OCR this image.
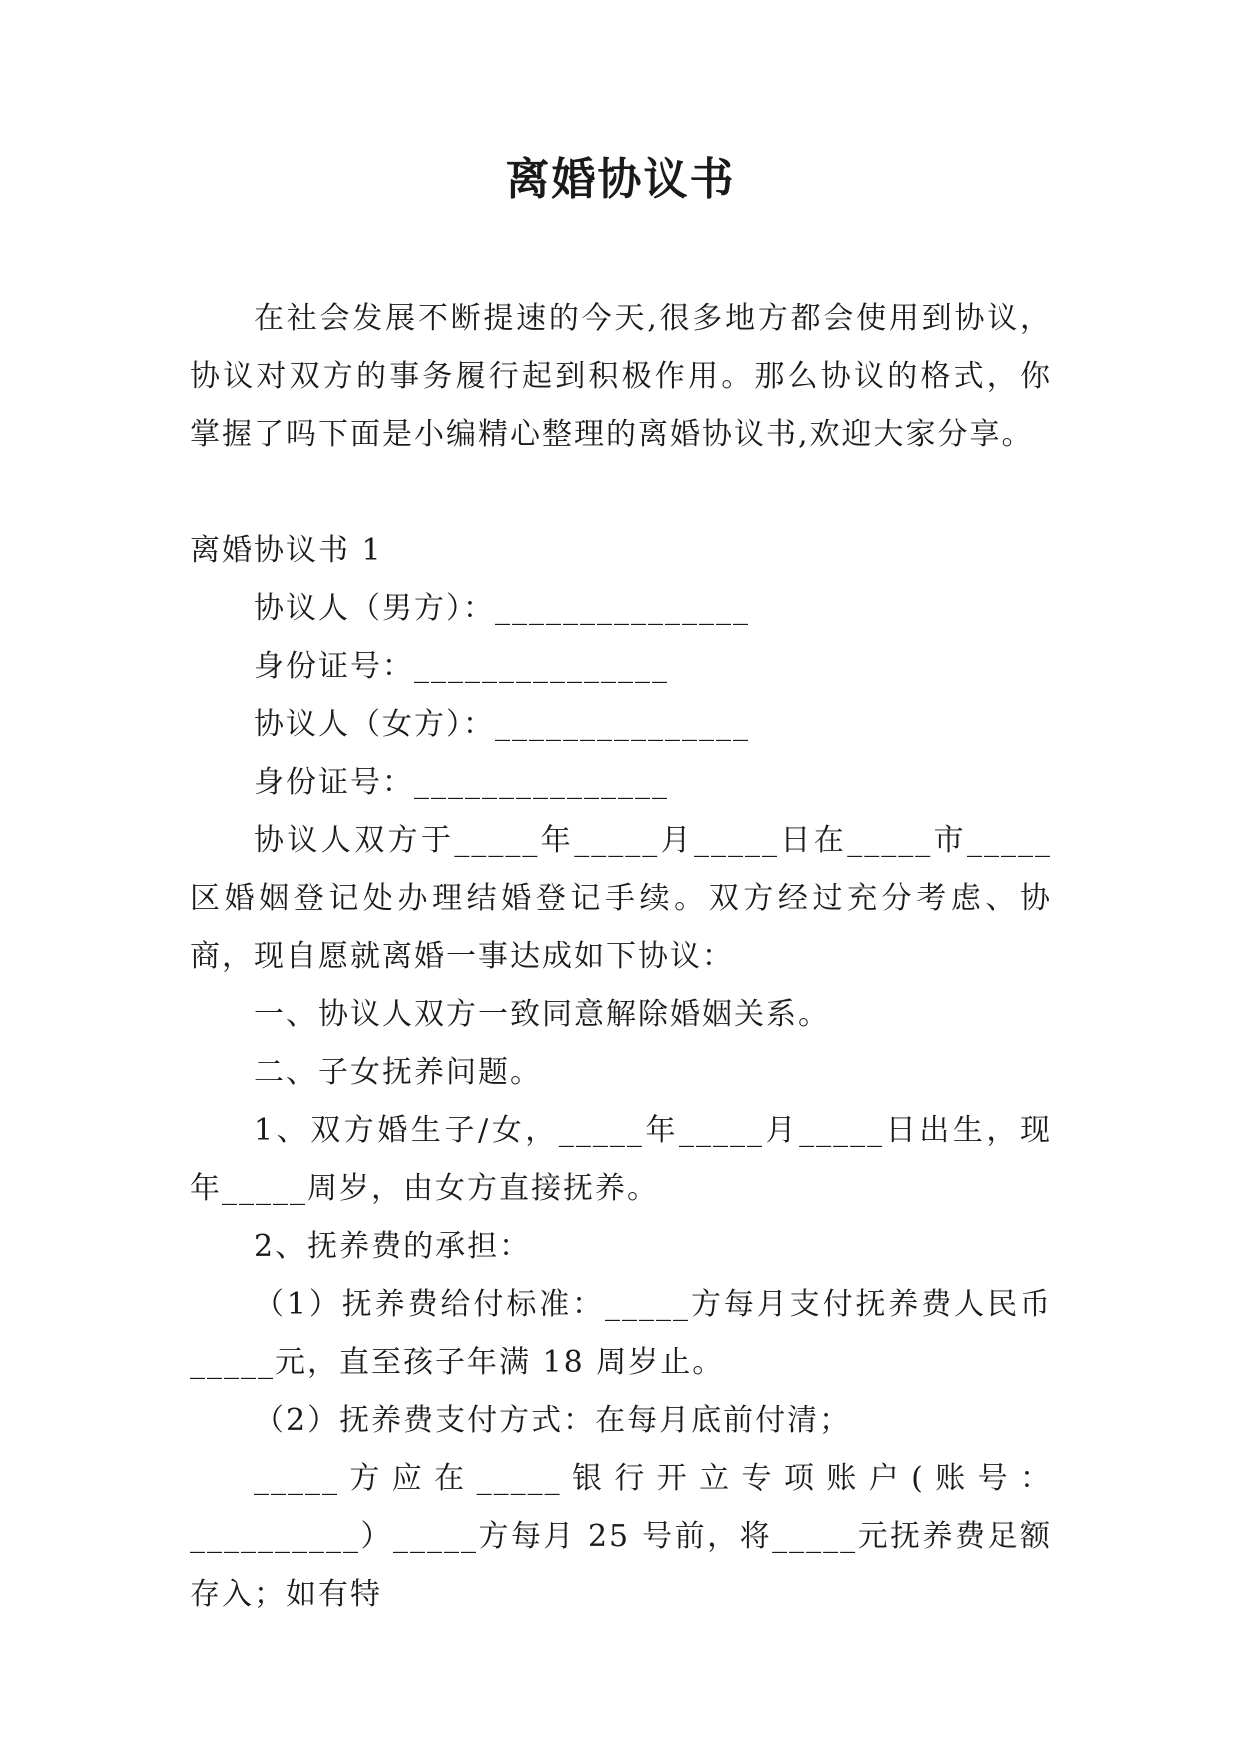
离婚协议书

在社会发展不断提速的今天,很多地方都会使用到协议，协议对双方的事务履行起到积极作用。那么协议的格式，你掌握了吗下面是小编精心整理的离婚协议书,欢迎大家分享。

离婚协议书 1

协议人（男方）：_______________

身份证号：_______________

协议人（女方）：_______________

身份证号：_______________

协议人双方于_____年_____月_____日在_____市_____区婚姻登记处办理结婚登记手续。双方经过充分考虑、协商，现自愿就离婚一事达成如下协议：

一、协议人双方一致同意解除婚姻关系。

二、子女抚养问题。

1、双方婚生子/女，_____年_____月_____日出生，现年_____周岁，由女方直接抚养。

2、抚养费的承担：

（1）抚养费给付标准：_____方每月支付抚养费人民币_____元，直至孩子年满 18 周岁止。

（2）抚养费支付方式：在每月底前付清；

_____方应在_____银行开立专项账户(账号：__________）_____方每月 25 号前，将_____元抚养费足额存入；如有特
